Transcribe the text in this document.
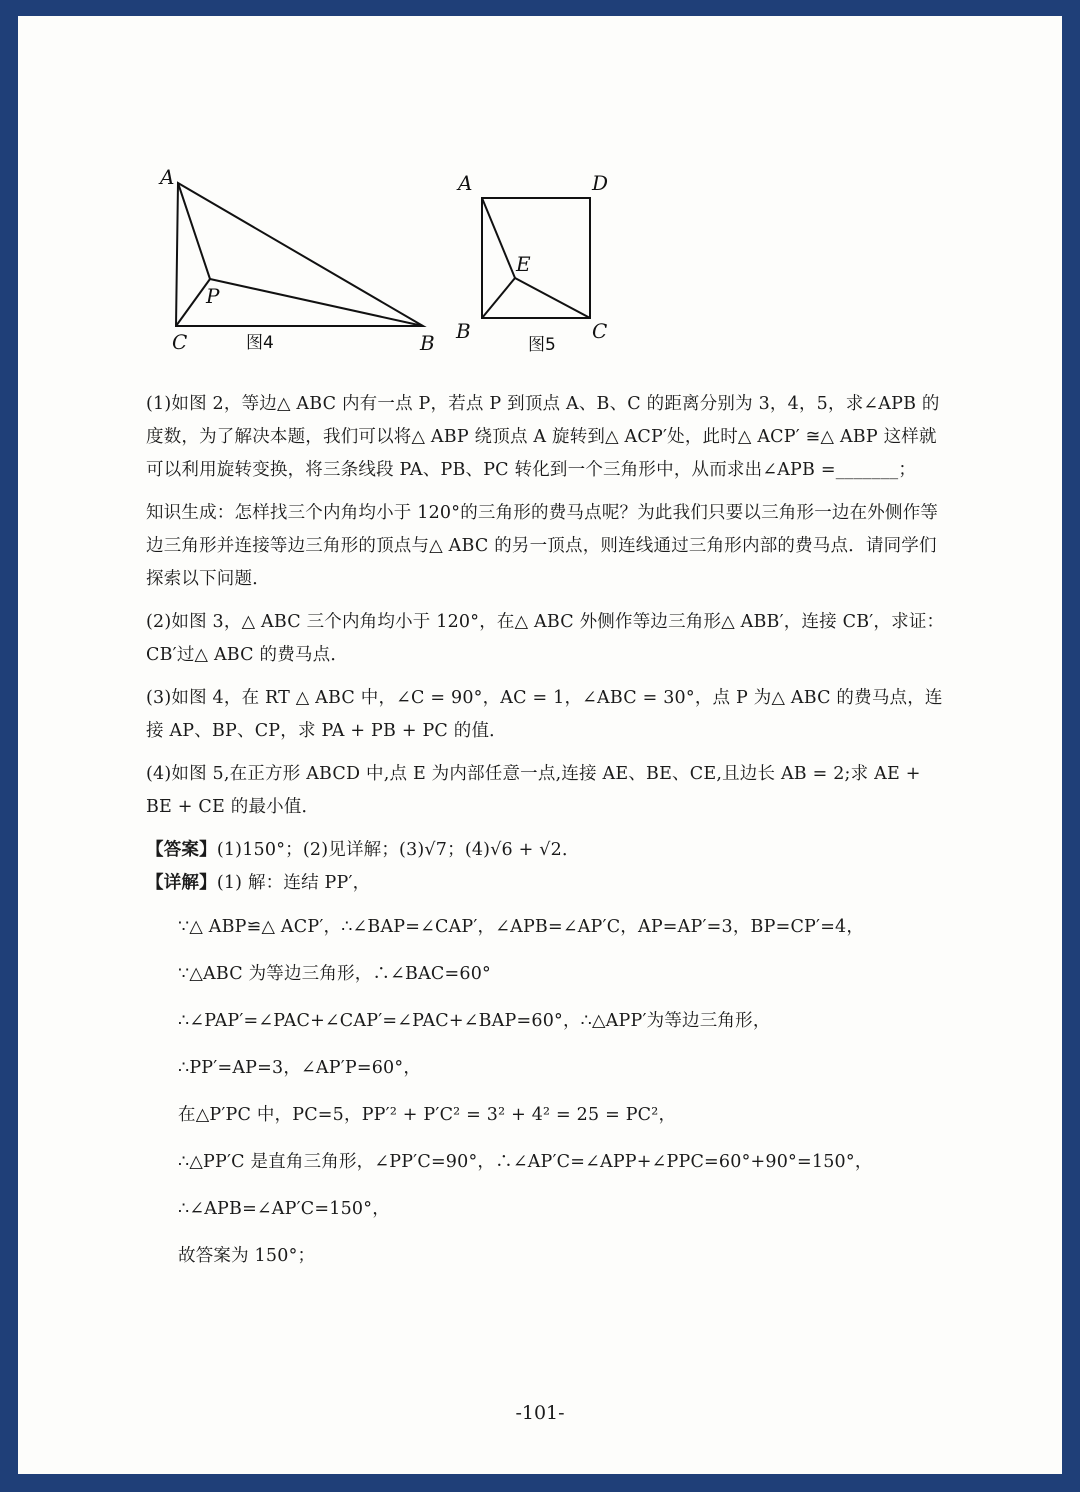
A
B
C
P
图4
A	D
B	C
E
图5

(1)如图 2，等边△ ABC 内有一点 P，若点 P 到顶点 A、B、C 的距离分别为 3，4，5，求∠APB 的度数，为了解决本题，我们可以将△ ABP 绕顶点 A 旋转到△ ACP′处，此时△ ACP′ ≅△ ABP 这样就可以利用旋转变换，将三条线段 PA、PB、PC 转化到一个三角形中，从而求出∠APB =_______；

知识生成：怎样找三个内角均小于 120°的三角形的费马点呢？为此我们只要以三角形一边在外侧作等边三角形并连接等边三角形的顶点与△ ABC 的另一顶点，则连线通过三角形内部的费马点．请同学们探索以下问题．

(2)如图 3，△ ABC 三个内角均小于 120°，在△ ABC 外侧作等边三角形△ ABB′，连接 CB′，求证：CB′过△ ABC 的费马点．

(3)如图 4，在 RT △ ABC 中，∠C = 90°，AC = 1，∠ABC = 30°，点 P 为△ ABC 的费马点，连接 AP、BP、CP，求 PA + PB + PC 的值．

(4)如图 5,在正方形 ABCD 中,点 E 为内部任意一点,连接 AE、BE、CE,且边长 AB = 2;求 AE + BE + CE 的最小值．

【答案】(1)150°；(2)见详解；(3)√7；(4)√6 + √2．

【详解】(1) 解：连结 PP′，

∵△ ABP≌△ ACP′，∴∠BAP=∠CAP′，∠APB=∠AP′C，AP=AP′=3，BP=CP′=4，
∵△ABC 为等边三角形，∴∠BAC=60°
∴∠PAP′=∠PAC+∠CAP′=∠PAC+∠BAP=60°，∴△APP′为等边三角形，
∴PP′=AP=3，∠AP′P=60°，
在△P′PC 中，PC=5，PP′² + P′C² = 3² + 4² = 25 = PC²，
∴△PP′C 是直角三角形，∠PP′C=90°，∴∠AP′C=∠APP+∠PPC=60°+90°=150°，
∴∠APB=∠AP′C=150°，
故答案为 150°；
-101-
